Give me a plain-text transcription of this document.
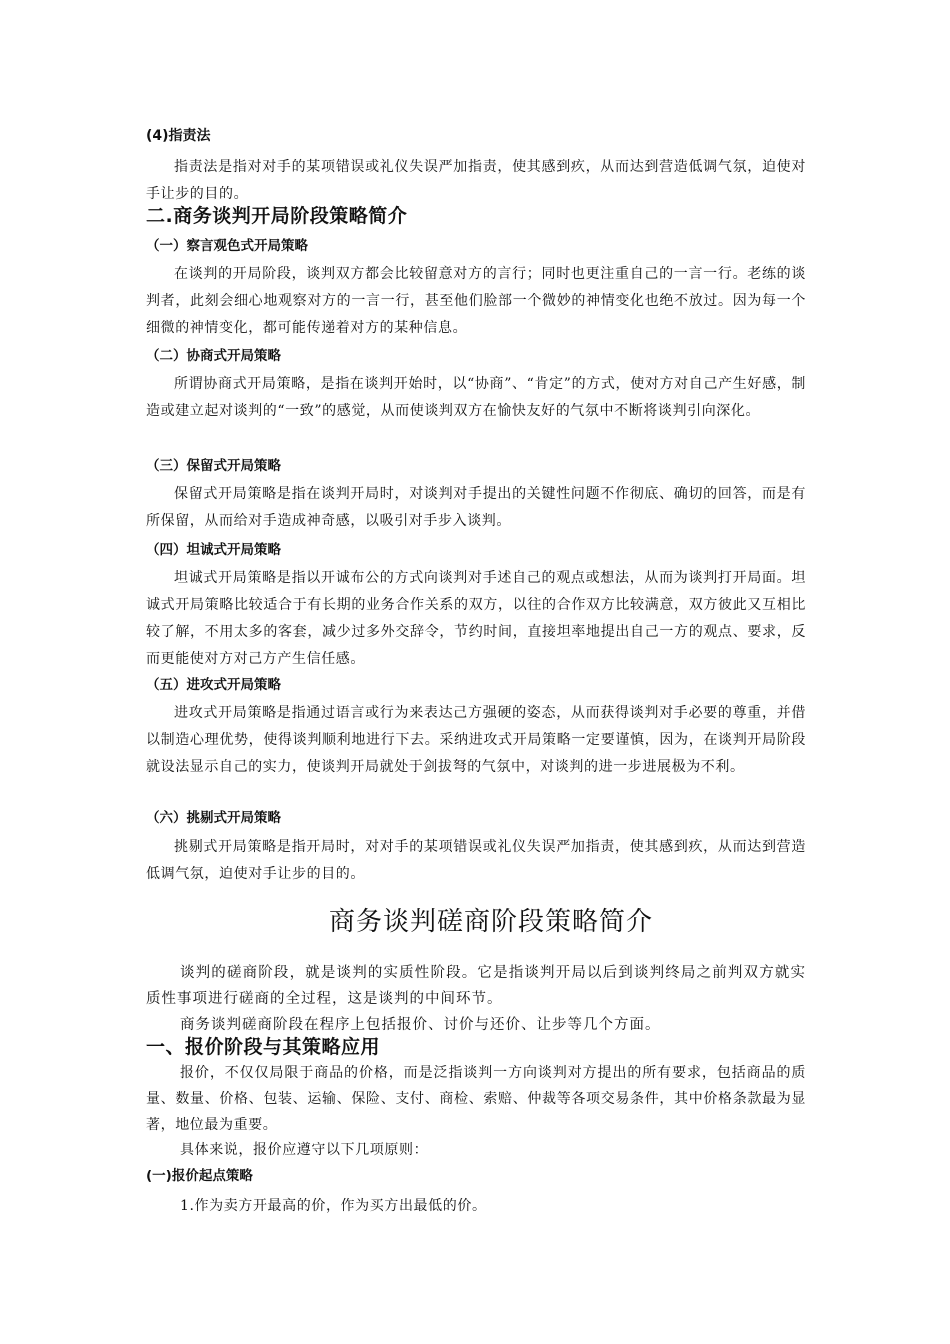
(4)指责法

指责法是指对对手的某项错误或礼仪失误严加指责，使其感到疚，从而达到营造低调气氛，迫使对手让步的目的。

二.商务谈判开局阶段策略简介
（一）察言观色式开局策略

在谈判的开局阶段，谈判双方都会比较留意对方的言行；同时也更注重自己的一言一行。老练的谈判者，此刻会细心地观察对方的一言一行，甚至他们脸部一个微妙的神情变化也绝不放过。因为每一个细微的神情变化，都可能传递着对方的某种信息。

（二）协商式开局策略

所谓协商式开局策略，是指在谈判开始时，以“协商”、“肯定”的方式，使对方对自己产生好感，制造或建立起对谈判的“一致”的感觉，从而使谈判双方在愉快友好的气氛中不断将谈判引向深化。

（三）保留式开局策略

保留式开局策略是指在谈判开局时，对谈判对手提出的关键性问题不作彻底、确切的回答，而是有所保留，从而给对手造成神奇感，以吸引对手步入谈判。

（四）坦诚式开局策略

坦诚式开局策略是指以开诚布公的方式向谈判对手述自己的观点或想法，从而为谈判打开局面。坦诚式开局策略比较适合于有长期的业务合作关系的双方，以往的合作双方比较满意，双方彼此又互相比较了解，不用太多的客套，减少过多外交辞令，节约时间，直接坦率地提出自己一方的观点、要求，反而更能使对方对己方产生信任感。

（五）进攻式开局策略

进攻式开局策略是指通过语言或行为来表达己方强硬的姿态，从而获得谈判对手必要的尊重，并借以制造心理优势，使得谈判顺利地进行下去。采纳进攻式开局策略一定要谨慎，因为，在谈判开局阶段就设法显示自己的实力，使谈判开局就处于剑拔弩的气氛中，对谈判的进一步进展极为不利。

（六）挑剔式开局策略

挑剔式开局策略是指开局时，对对手的某项错误或礼仪失误严加指责，使其感到疚，从而达到营造低调气氛，迫使对手让步的目的。

商务谈判磋商阶段策略简介

谈判的磋商阶段，就是谈判的实质性阶段。它是指谈判开局以后到谈判终局之前判双方就实质性事项进行磋商的全过程，这是谈判的中间环节。

商务谈判磋商阶段在程序上包括报价、讨价与还价、让步等几个方面。

一、报价阶段与其策略应用

报价，不仅仅局限于商品的价格，而是泛指谈判一方向谈判对方提出的所有要求，包括商品的质量、数量、价格、包装、运输、保险、支付、商检、索赔、仲裁等各项交易条件，其中价格条款最为显著，地位最为重要。

具体来说，报价应遵守以下几项原则：

(一)报价起点策略

1.作为卖方开最高的价，作为买方出最低的价。
